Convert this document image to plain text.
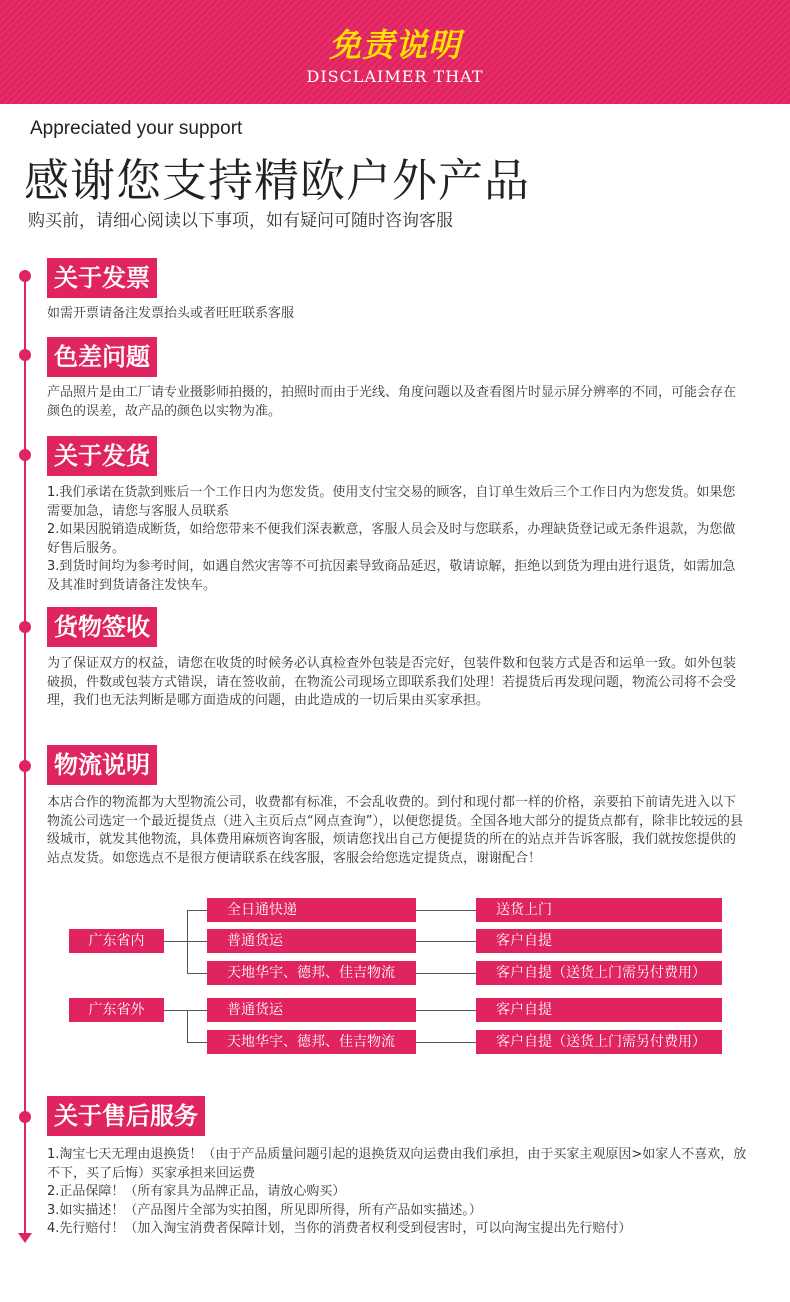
免责说明
DISCLAIMER THAT
Appreciated your support
感谢您支持精欧户外产品
购买前，请细心阅读以下事项，如有疑问可随时咨询客服
关于发票

如需开票请备注发票抬头或者旺旺联系客服

色差问题

产品照片是由工厂请专业摄影师拍摄的，拍照时而由于光线、角度问题以及查看图片时显示屏分辨率的不同，可能会存在颜色的误差，故产品的颜色以实物为准。

关于发货

1.我们承诺在货款到账后一个工作日内为您发货。使用支付宝交易的顾客，自订单生效后三个工作日内为您发货。如果您需要加急，请您与客服人员联系

2.如果因脱销造成断货，如给您带来不便我们深表歉意，客服人员会及时与您联系，办理缺货登记或无条件退款，为您做好售后服务。

3.到货时间均为参考时间，如遇自然灾害等不可抗因素导致商品延迟，敬请谅解，拒绝以到货为理由进行退货，如需加急及其准时到货请备注发快车。

货物签收

为了保证双方的权益，请您在收货的时候务必认真检查外包装是否完好，包装件数和包装方式是否和运单一致。如外包装破损，件数或包装方式错误，请在签收前，在物流公司现场立即联系我们处理！若提货后再发现问题，物流公司将不会受理，我们也无法判断是哪方面造成的问题，由此造成的一切后果由买家承担。

物流说明

本店合作的物流都为大型物流公司，收费都有标准，不会乱收费的。到付和现付都一样的价格，亲要拍下前请先进入以下物流公司选定一个最近提货点（进入主页后点“网点查询”），以便您提货。全国各地大部分的提货点都有，除非比较远的县级城市，就发其他物流，具体费用麻烦咨询客服，烦请您找出自己方便提货的所在的站点并告诉客服，我们就按您提供的站点发货。如您选点不是很方便请联系在线客服，客服会给您选定提货点，谢谢配合！

广东省内
广东省外
全日通快递
普通货运
天地华宇、德邦、佳吉物流
送货上门
客户自提
客户自提（送货上门需另付费用）
普通货运
天地华宇、德邦、佳吉物流
客户自提
客户自提（送货上门需另付费用）
关于售后服务

1.淘宝七天无理由退换货！（由于产品质量问题引起的退换货双向运费由我们承担，由于买家主观原因>如家人不喜欢，放不下，买了后悔）买家承担来回运费

2.正品保障！（所有家具为品牌正品，请放心购买）

3.如实描述！（产品图片全部为实拍图，所见即所得，所有产品如实描述。）

4.先行赔付！（加入淘宝消费者保障计划，当你的消费者权利受到侵害时，可以向淘宝提出先行赔付）
